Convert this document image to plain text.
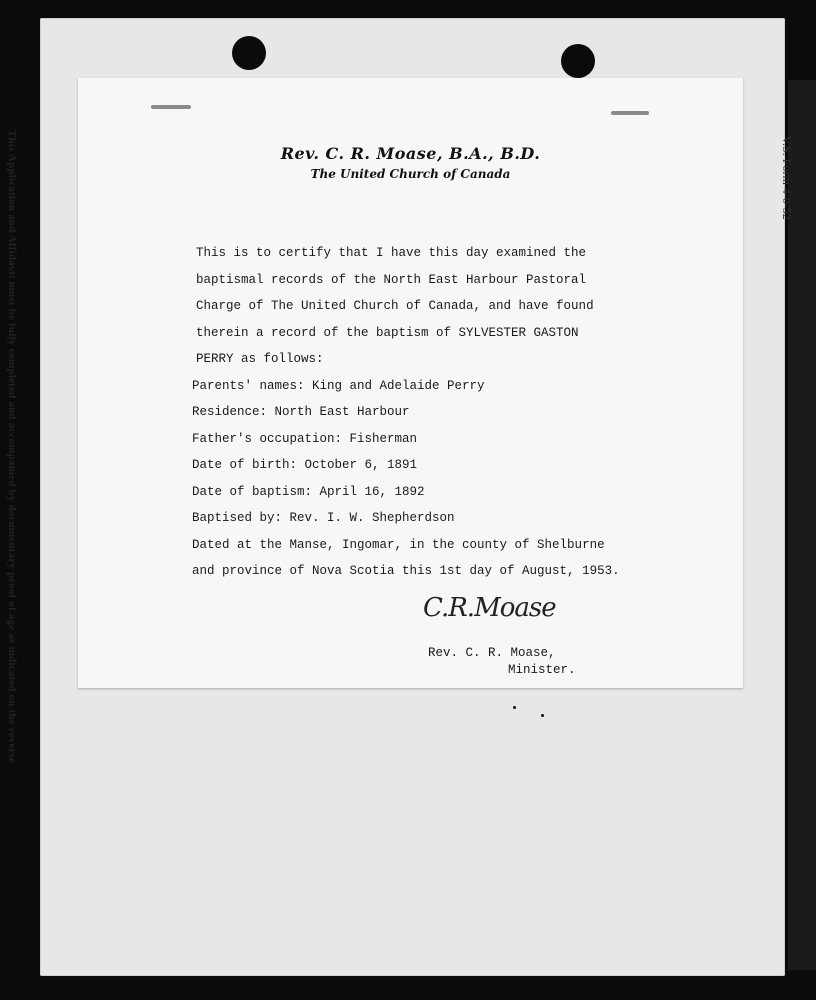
This Application and Affidavit must be fully completed and accompanied by documentary proof of age as indicated on the reverse	V.S. Form 4-0-52
Rev. C. R. Moase, B.A., B.D.
The United Church of Canada
This is to certify that I have this day examined the
baptismal records of the North East Harbour Pastoral
Charge of The United Church of Canada, and have found
therein a record of the baptism of SYLVESTER GASTON
PERRY as follows:
Parents' names: King and Adelaide Perry
Residence: North East Harbour
Father's occupation: Fisherman
Date of birth: October 6, 1891
Date of baptism: April 16, 1892
Baptised by: Rev. I. W. Shepherdson
Dated at the Manse, Ingomar, in the county of Shelburne
and province of Nova Scotia this 1st day of August, 1953.
C.R.Moase
Rev. C. R. Moase,
Minister.
